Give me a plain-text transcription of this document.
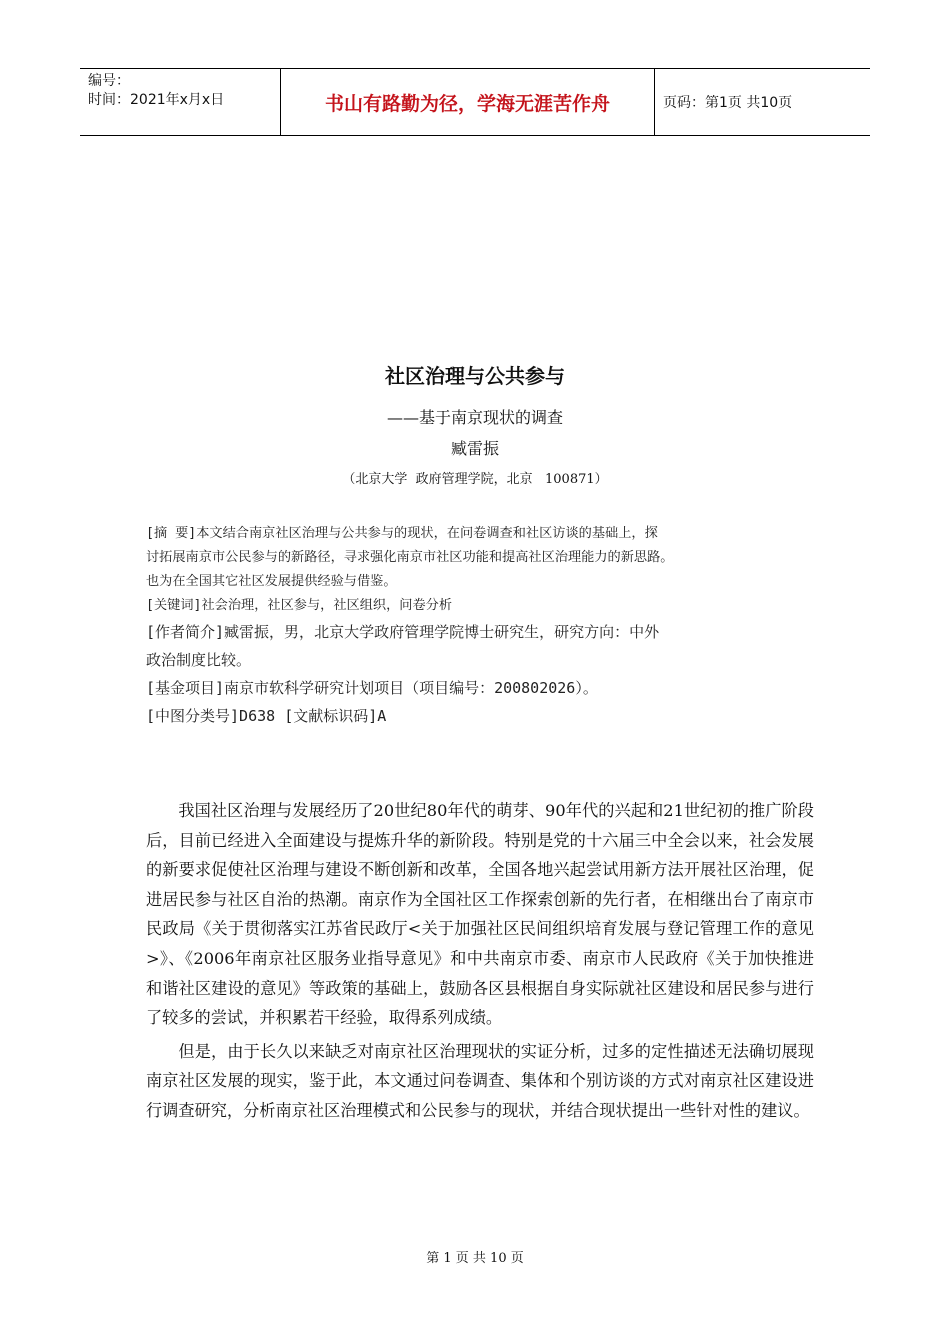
编号：
时间：2021年x月x日	书山有路勤为径，学海无涯苦作舟	页码：第1页 共10页
社区治理与公共参与
——基于南京现状的调查
臧雷振
（北京大学  政府管理学院，北京   100871）

[摘 要]本文结合南京社区治理与公共参与的现状，在问卷调查和社区访谈的基础上，探

讨拓展南京市公民参与的新路径，寻求强化南京市社区功能和提高社区治理能力的新思路。

也为在全国其它社区发展提供经验与借鉴。

[关键词]社会治理，社区参与，社区组织，问卷分析

[作者简介]臧雷振，男，北京大学政府管理学院博士研究生，研究方向：中外

政治制度比较。

[基金项目]南京市软科学研究计划项目（项目编号：200802026）。

[中图分类号]D638 [文献标识码]A

我国社区治理与发展经历了20世纪80年代的萌芽、90年代的兴起和21世纪初的推广阶段后，目前已经进入全面建设与提炼升华的新阶段。特别是党的十六届三中全会以来，社会发展的新要求促使社区治理与建设不断创新和改革，全国各地兴起尝试用新方法开展社区治理，促进居民参与社区自治的热潮。南京作为全国社区工作探索创新的先行者，在相继出台了南京市民政局《关于贯彻落实江苏省民政厅<关于加强社区民间组织培育发展与登记管理工作的意见>》、《2006年南京社区服务业指导意见》和中共南京市委、南京市人民政府《关于加快推进和谐社区建设的意见》等政策的基础上，鼓励各区县根据自身实际就社区建设和居民参与进行了较多的尝试，并积累若干经验，取得系列成绩。

但是，由于长久以来缺乏对南京社区治理现状的实证分析，过多的定性描述无法确切展现南京社区发展的现实，鉴于此，本文通过问卷调查、集体和个别访谈的方式对南京社区建设进行调查研究，分析南京社区治理模式和公民参与的现状，并结合现状提出一些针对性的建议。

第 1 页 共 10 页
